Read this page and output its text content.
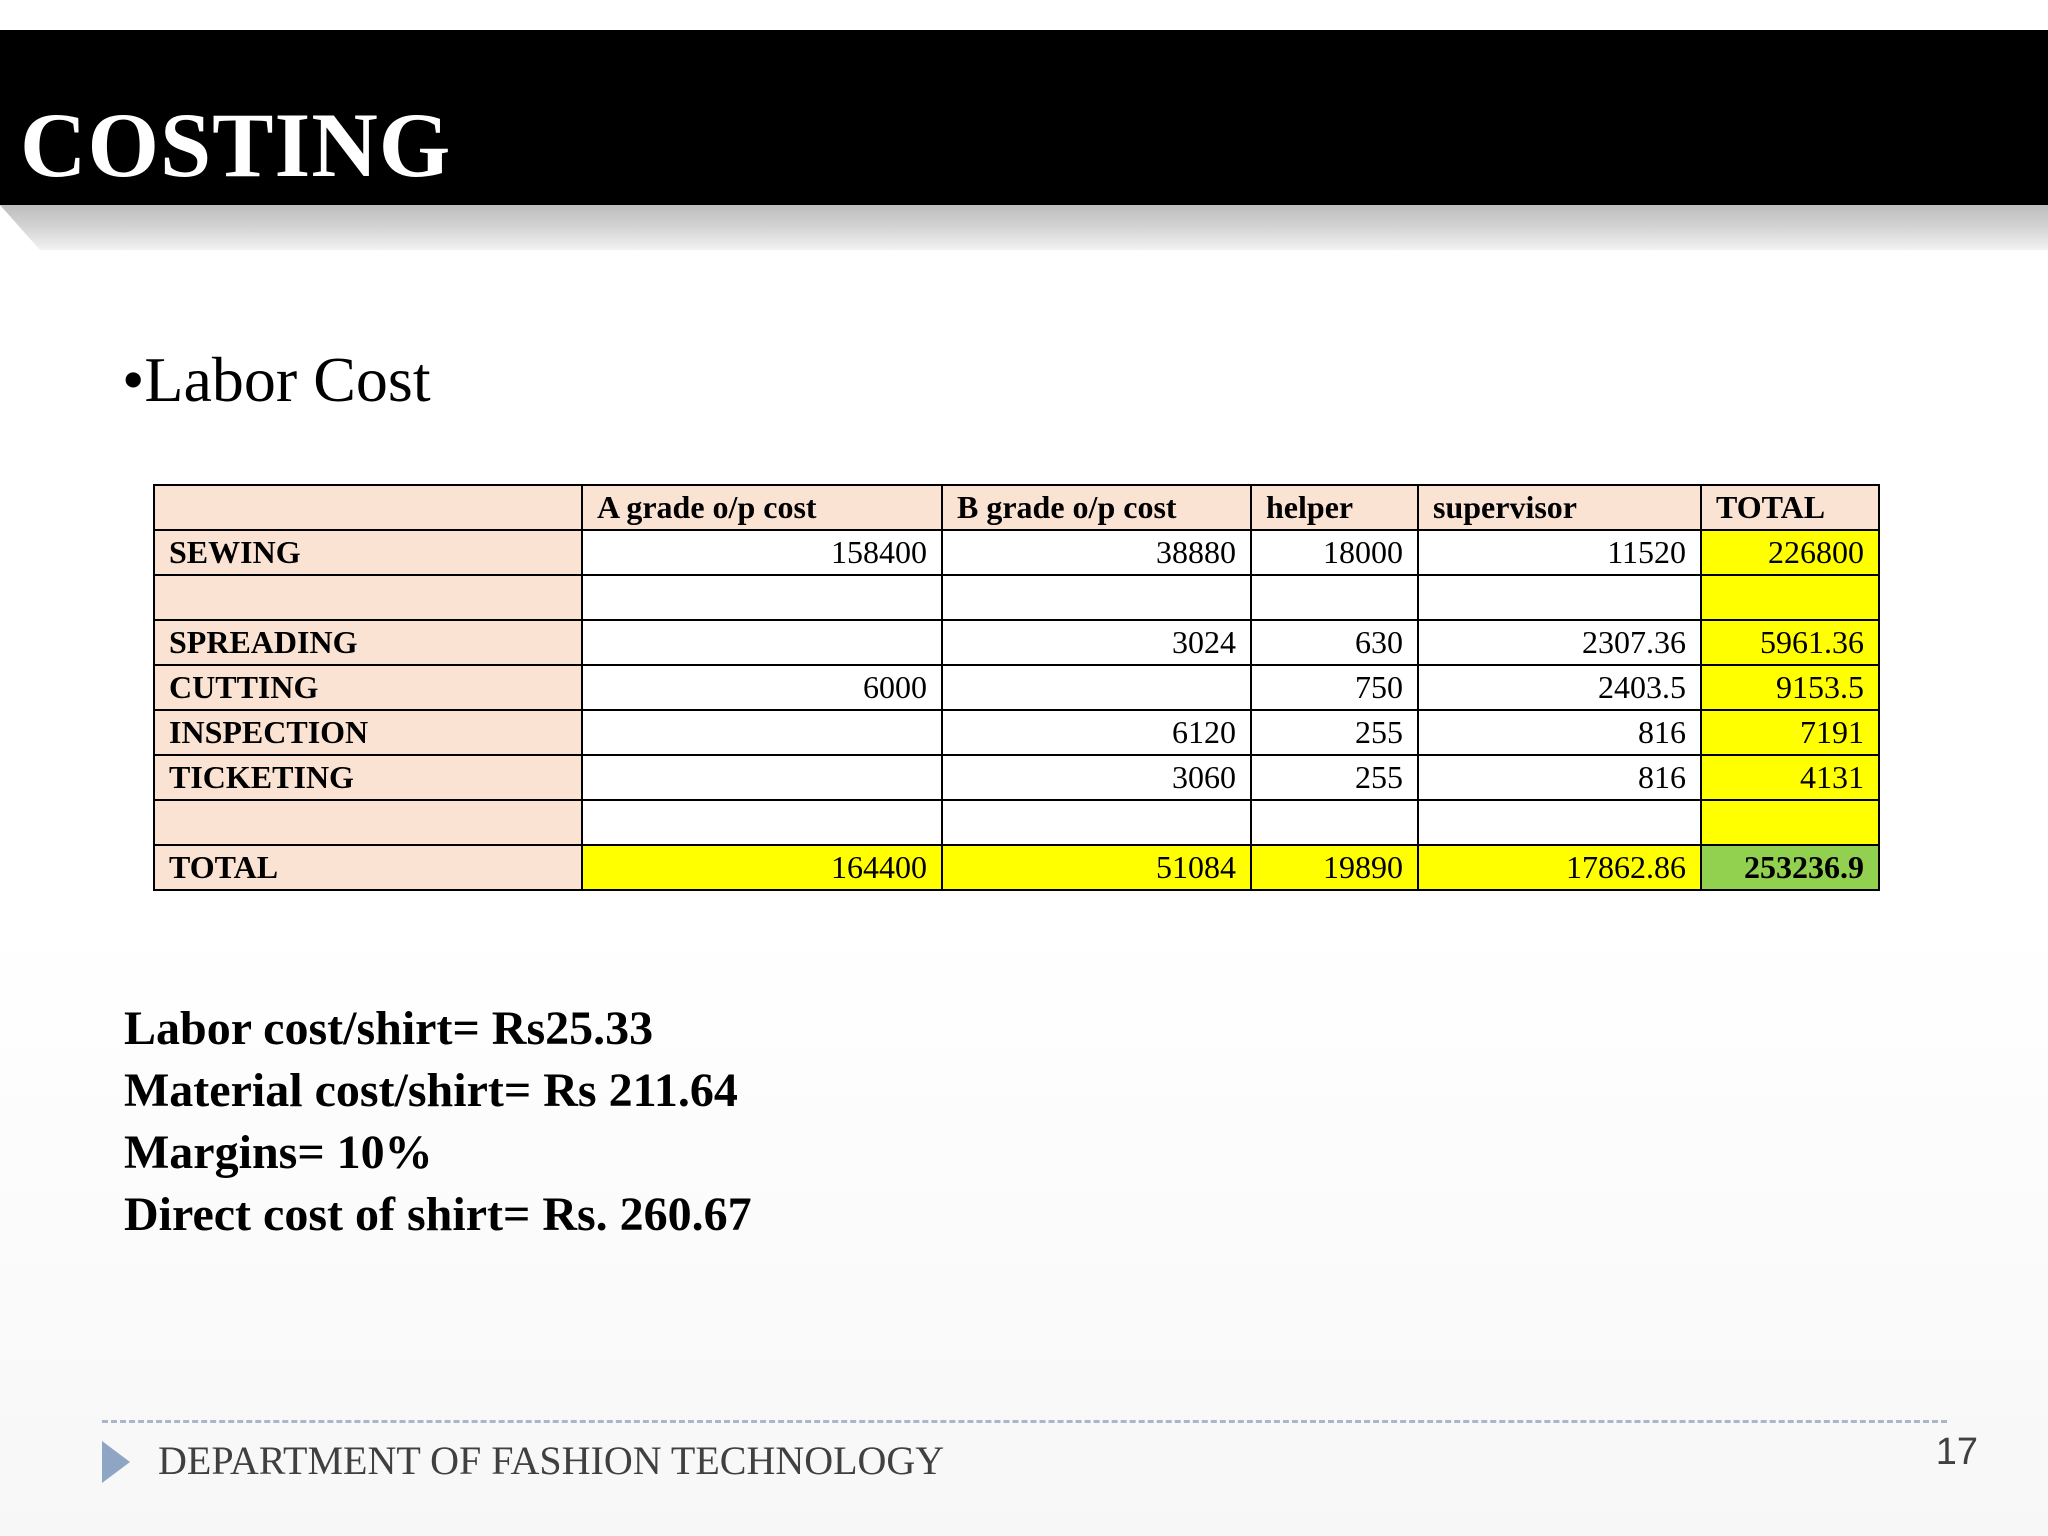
COSTING
•Labor Cost
	A grade o/p cost	B grade o/p cost	helper	supervisor	TOTAL
SEWING	158400	38880	18000	11520	226800

SPREADING		3024	630	2307.36	5961.36
CUTTING	6000		750	2403.5	9153.5
INSPECTION		6120	255	816	7191
TICKETING		3060	255	816	4131

TOTAL	164400	51084	19890	17862.86	253236.9
Labor cost/shirt= Rs25.33
Material cost/shirt= Rs 211.64
Margins= 10%
Direct cost of shirt= Rs. 260.67
DEPARTMENT OF FASHION TECHNOLOGY	17
